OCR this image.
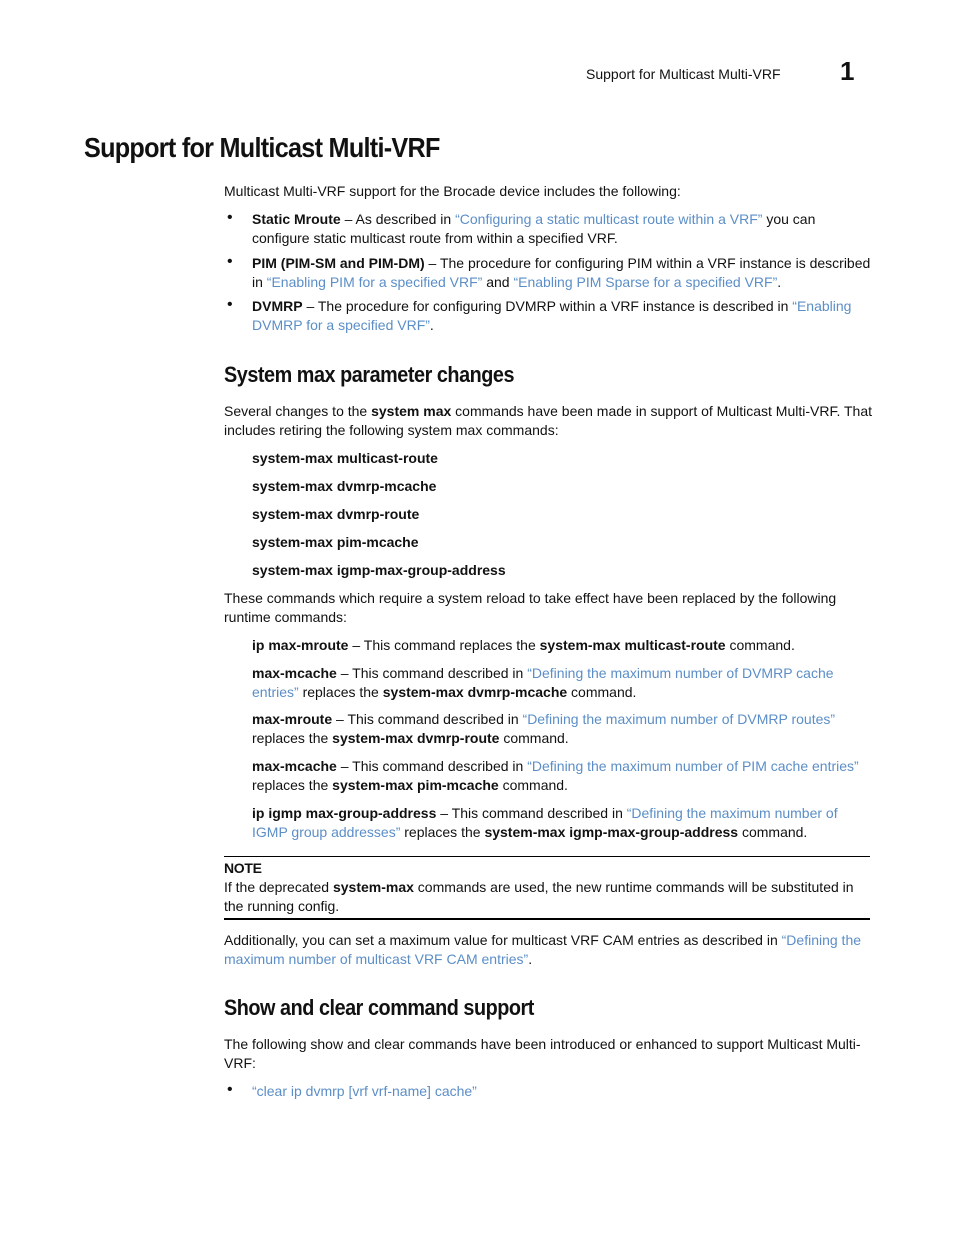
Support for Multicast Multi-VRF 1
Support for Multicast Multi-VRF
Multicast Multi-VRF support for the Brocade device includes the following:
• Static Mroute – As described in “Configuring a static multicast route within a VRF” you can configure static multicast route from within a specified VRF.
• PIM (PIM-SM and PIM-DM) – The procedure for configuring PIM within a VRF instance is described in “Enabling PIM for a specified VRF” and “Enabling PIM Sparse for a specified VRF”.
• DVMRP – The procedure for configuring DVMRP within a VRF instance is described in “Enabling DVMRP for a specified VRF”.
System max parameter changes
Several changes to the system max commands have been made in support of Multicast Multi-VRF. That includes retiring the following system max commands:
system-max multicast-route
system-max dvmrp-mcache
system-max dvmrp-route
system-max pim-mcache
system-max igmp-max-group-address
These commands which require a system reload to take effect have been replaced by the following runtime commands:
ip max-mroute – This command replaces the system-max multicast-route command.
max-mcache – This command described in “Defining the maximum number of DVMRP cache entries” replaces the system-max dvmrp-mcache command.
max-mroute – This command described in “Defining the maximum number of DVMRP routes” replaces the system-max dvmrp-route command.
max-mcache – This command described in “Defining the maximum number of PIM cache entries” replaces the system-max pim-mcache command.
ip igmp max-group-address – This command described in “Defining the maximum number of IGMP group addresses” replaces the system-max igmp-max-group-address command.
NOTE
If the deprecated system-max commands are used, the new runtime commands will be substituted in the running config.
Additionally, you can set a maximum value for multicast VRF CAM entries as described in “Defining the maximum number of multicast VRF CAM entries”.
Show and clear command support
The following show and clear commands have been introduced or enhanced to support Multicast Multi-VRF:
• “clear ip dvmrp [vrf vrf-name] cache”
